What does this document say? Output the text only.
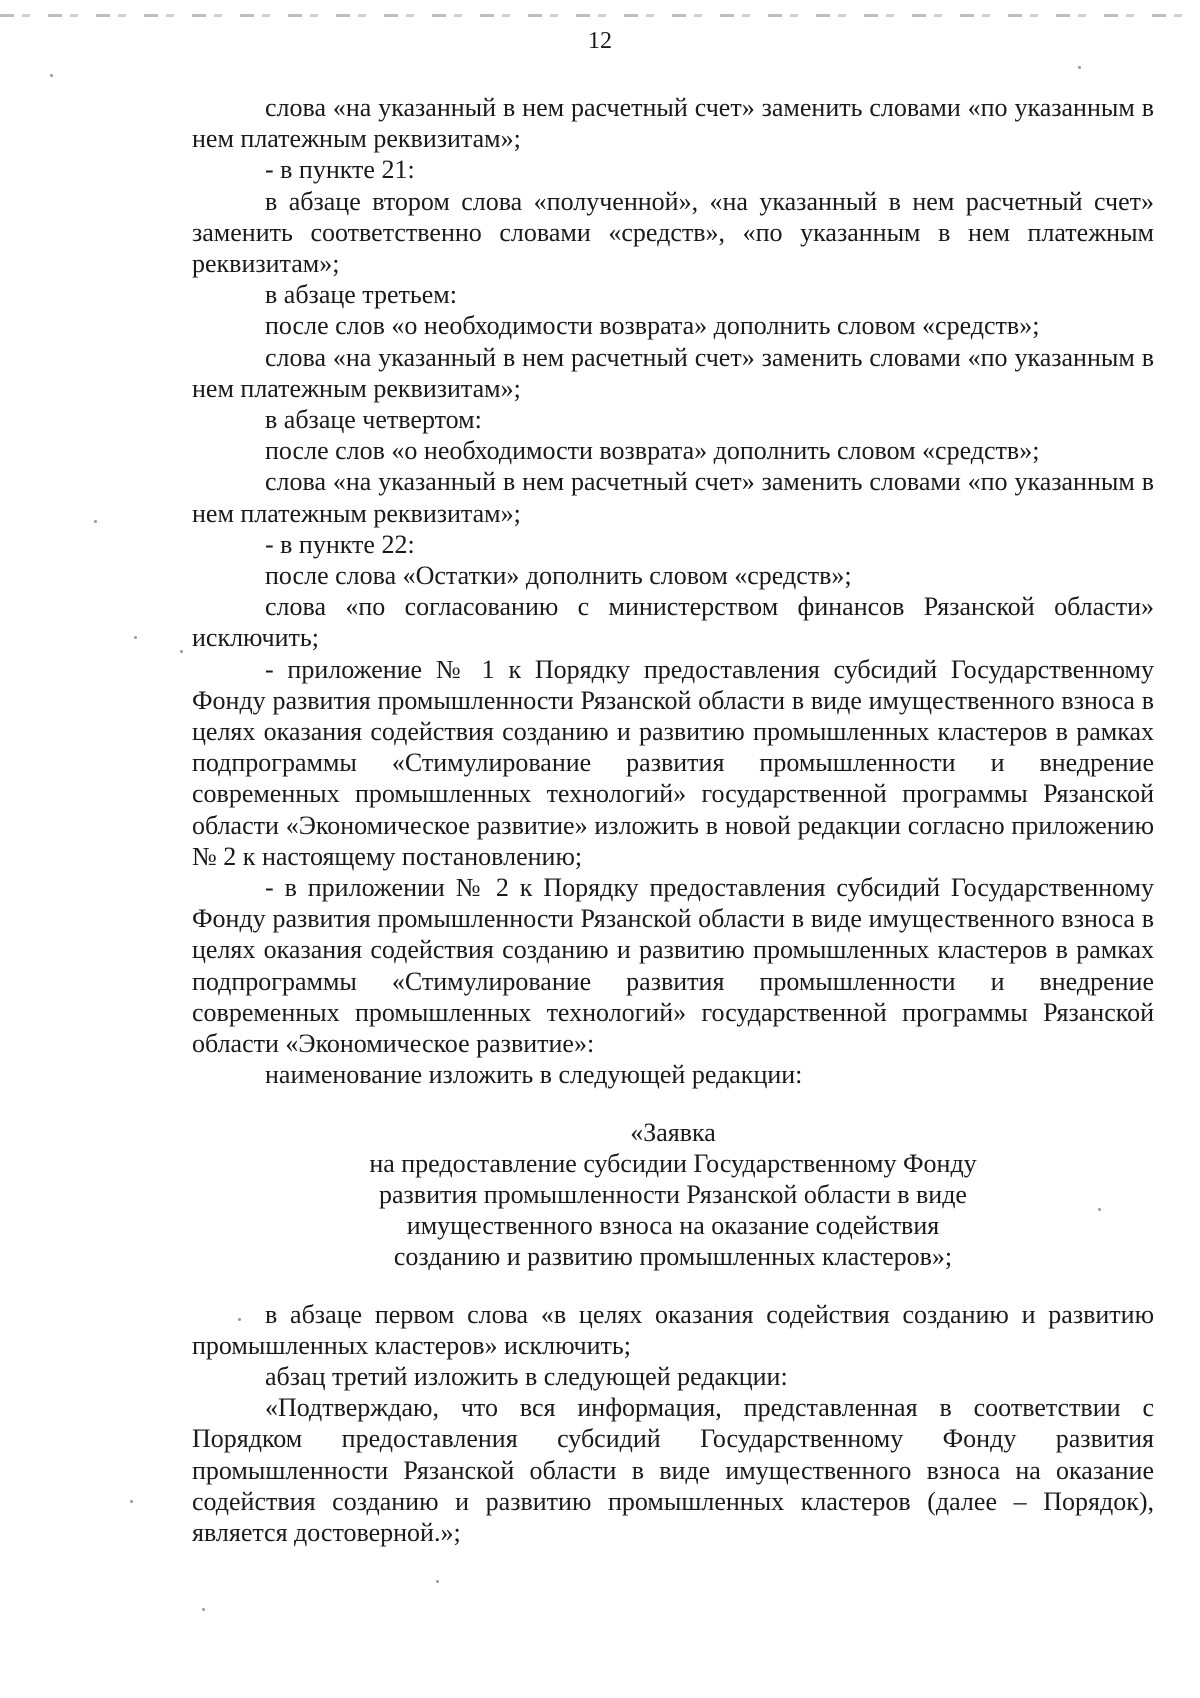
12

слова «на указанный в нем расчетный счет» заменить словами «по указанным в нем платежным реквизитам»;

- в пункте 21:

в абзаце втором слова «полученной», «на указанный в нем расчетный счет» заменить соответственно словами «средств», «по указанным в нем платежным реквизитам»;

в абзаце третьем:

после слов «о необходимости возврата» дополнить словом «средств»;

слова «на указанный в нем расчетный счет» заменить словами «по указанным в нем платежным реквизитам»;

в абзаце четвертом:

после слов «о необходимости возврата» дополнить словом «средств»;

слова «на указанный в нем расчетный счет» заменить словами «по указанным в нем платежным реквизитам»;

- в пункте 22:

после слова «Остатки» дополнить словом «средств»;

слова «по согласованию с министерством финансов Рязанской области» исключить;

- приложение № 1 к Порядку предоставления субсидий Государственному Фонду развития промышленности Рязанской области в виде имущественного взноса в целях оказания содействия созданию и развитию промышленных кластеров в рамках подпрограммы «Стимулирование развития промышленности и внедрение современных промышленных технологий» государственной программы Рязанской области «Экономическое развитие» изложить в новой редакции согласно приложению № 2 к настоящему постановлению;

- в приложении № 2 к Порядку предоставления субсидий Государственному Фонду развития промышленности Рязанской области в виде имущественного взноса в целях оказания содействия созданию и развитию промышленных кластеров в рамках подпрограммы «Стимулирование развития промышленности и внедрение современных промышленных технологий» государственной программы Рязанской области «Экономическое развитие»:

наименование изложить в следующей редакции:

«Заявка
на предоставление субсидии Государственному Фонду
развития промышленности Рязанской области в виде
имущественного взноса на оказание содействия
созданию и развитию промышленных кластеров»;

в абзаце первом слова «в целях оказания содействия созданию и развитию промышленных кластеров» исключить;

абзац третий изложить в следующей редакции:

«Подтверждаю, что вся информация, представленная в соответствии с Порядком предоставления субсидий Государственному Фонду развития промышленности Рязанской области в виде имущественного взноса на оказание содействия созданию и развитию промышленных кластеров (далее – Порядок), является достоверной.»;
